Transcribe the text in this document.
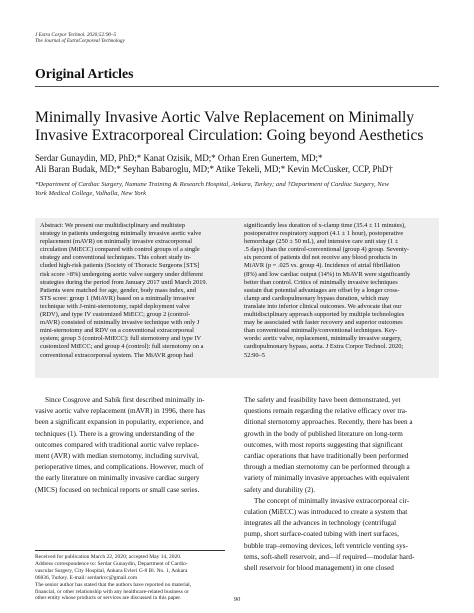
J Extra Corpor Technol. 2020;52:90–5
The Journal of ExtraCorporeal Technology
Original Articles
Minimally Invasive Aortic Valve Replacement on Minimally
Invasive Extracorporeal Circulation: Going beyond Aesthetics
Serdar Gunaydin, MD, PhD;* Kanat Ozisik, MD;* Orhan Eren Gunertem, MD;*
Ali Baran Budak, MD;* Seyhan Babaroglu, MD;* Atike Tekeli, MD;* Kevin McCusker, CCP, PhD†
*Department of Cardiac Surgery, Numune Training & Research Hospital, Ankara, Turkey; and †Department of Cardiac Surgery, New
York Medical College, Valhalla, New York
Abstract: We present our multidisciplinary and multistep
strategy in patients undergoing minimally invasive aortic valve
replacement (mAVR) on minimally invasive extracorporeal
circulation (MiECC) compared with control groups of a single
strategy and conventional techniques. This cohort study in-
cluded high-risk patients (Society of Thoracic Surgeons [STS]
risk score >8%) undergoing aortic valve surgery under different
strategies during the period from January 2017 until March 2019.
Patients were matched for age, gender, body mass index, and
STS score: group 1 (MiAVR) based on a minimally invasive
technique with J-mini-sternotomy, rapid deployment valve
(RDV), and type IV customized MiECC; group 2 (control-
mAVR) consisted of minimally invasive technique with only J
mini-sternotomy and RDV on a conventional extracorporeal
system; group 3 (control-MiECC): full sternotomy and type IV
customized MiECC; and group 4 (control): full sternotomy on a
conventional extracorporeal system. The MiAVR group had
significantly less duration of x-clamp time (35.4 ± 11 minutes),
postoperative respiratory support (4.1 ± 1 hour), postoperative
hemorrhage (250 ± 50 mL), and intensive care unit stay (1 ±
.5 days) than the control-conventional (group 4) group. Seventy-
six percent of patients did not receive any blood products in
MiAVR (p = .025 vs. group 4). Incidence of atrial fibrillation
(8%) and low cardiac output (14%) in MiAVR were significantly
better than control. Critics of minimally invasive techniques
sustain that potential advantages are offset by a longer cross-
clamp and cardiopulmonary bypass duration, which may
translate into inferior clinical outcomes. We advocate that our
multidisciplinary approach supported by multiple technologies
may be associated with faster recovery and superior outcomes
than conventional minimally/conventional techniques. Key-
words: aortic valve, replacement, minimally invasive surgery,
cardiopulmonary bypass, aorta. J Extra Corpor Technol. 2020;
52:90–5
Since Cosgrove and Sabik first described minimally in-
vasive aortic valve replacement (mAVR) in 1996, there has
been a significant expansion in popularity, experience, and
techniques (1). There is a growing understanding of the
outcomes compared with traditional aortic valve replace-
ment (AVR) with median sternotomy, including survival,
perioperative times, and complications. However, much of
the early literature on minimally invasive cardiac surgery
(MICS) focused on technical reports or small case series.
The safety and feasibility have been demonstrated, yet
questions remain regarding the relative efficacy over tra-
ditional sternotomy approaches. Recently, there has been a
growth in the body of published literature on long-term
outcomes, with most reports suggesting that significant
cardiac operations that have traditionally been performed
through a median sternotomy can be performed through a
variety of minimally invasive approaches with equivalent
safety and durability (2).
The concept of minimally invasive extracorporeal cir-
culation (MiECC) was introduced to create a system that
integrates all the advances in technology (centrifugal
pump, short surface-coated tubing with inert surfaces,
bubble trap–removing devices, left ventricle venting sys-
tems, soft-shell reservoir, and—if required—modular hard-
shell reservoir for blood management) in one closed
Received for publication March 22, 2020; accepted May 14, 2020.
Address correspondence to: Serdar Gunaydin, Department of Cardio-
vascular Surgery, City Hospital, Ankara Evleri G-8 Bl. No. 1, Ankara
06836, Turkey. E-mail: serdarkvc@gmail.com
The senior author has stated that the authors have reported no material,
financial, or other relationship with any healthcare-related business or
other entity whose products or services are discussed in this paper.	90
